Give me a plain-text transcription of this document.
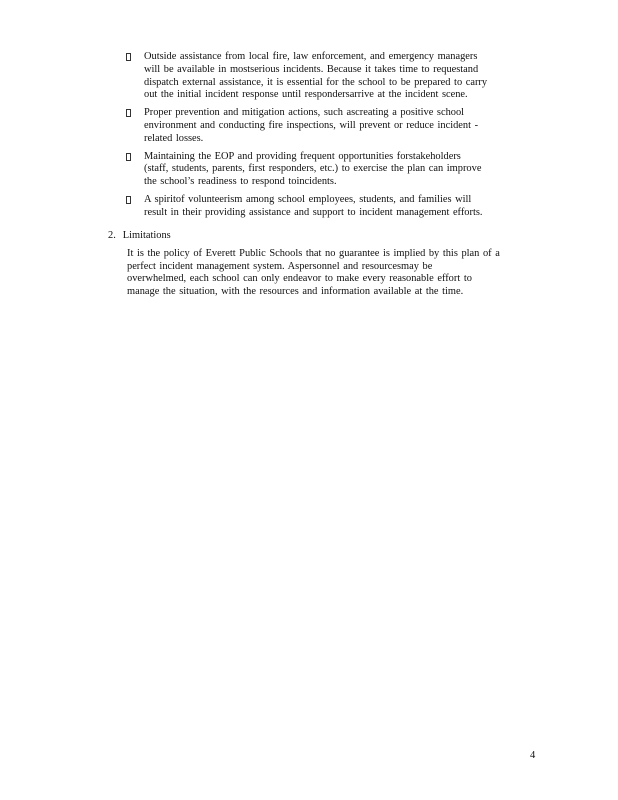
Outside assistance from local fire, law enforcement, and emergency managers
will be available in mostserious incidents. Because it takes time to requestand
dispatch external assistance, it is essential for the school to be prepared to carry
out the initial incident response until respondersarrive at the incident scene.
Proper prevention and mitigation actions, such ascreating a positive school
environment and conducting fire inspections, will prevent or reduce incident -
related losses.
Maintaining the EOP and providing frequent opportunities forstakeholders
(staff, students, parents, first responders, etc.) to exercise the plan can improve
the school’s readiness to respond toincidents.
A spiritof volunteerism among school employees, students, and families will
result in their providing assistance and support to incident management efforts.
2. Limitations
It is the policy of Everett Public Schools that no guarantee is implied by this plan of a
perfect incident management system. Aspersonnel and resourcesmay be
overwhelmed, each school can only endeavor to make every reasonable effort to
manage the situation, with the resources and information available at the time.
4
